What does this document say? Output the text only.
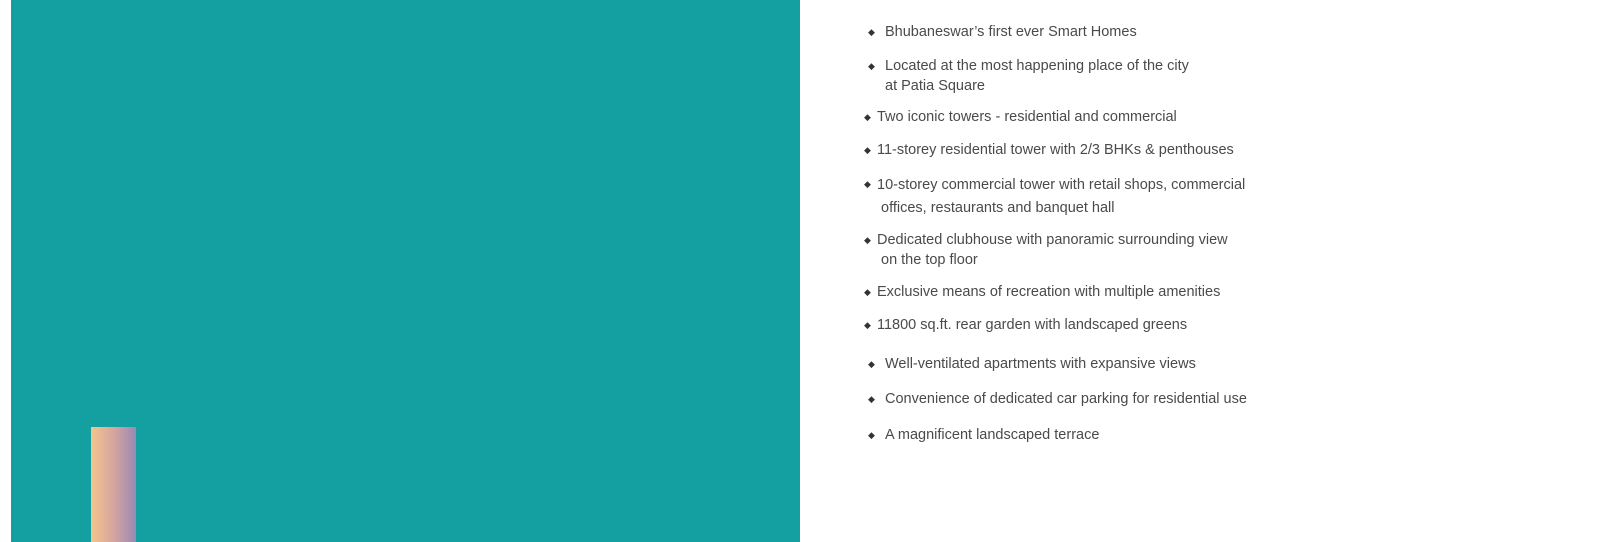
◆ Bhubaneswar’s first ever Smart Homes
◆ Located at the most happening place of the city
at Patia Square
◆ Two iconic towers - residential and commercial
◆ 11-storey residential tower with 2/3 BHKs & penthouses
◆ 10-storey commercial tower with retail shops, commercial
offices, restaurants and banquet hall
◆ Dedicated clubhouse with panoramic surrounding view
on the top floor
◆ Exclusive means of recreation with multiple amenities
◆ 11800 sq.ft. rear garden with landscaped greens
◆ Well-ventilated apartments with expansive views
◆ Convenience of dedicated car parking for residential use
◆ A magnificent landscaped terrace
